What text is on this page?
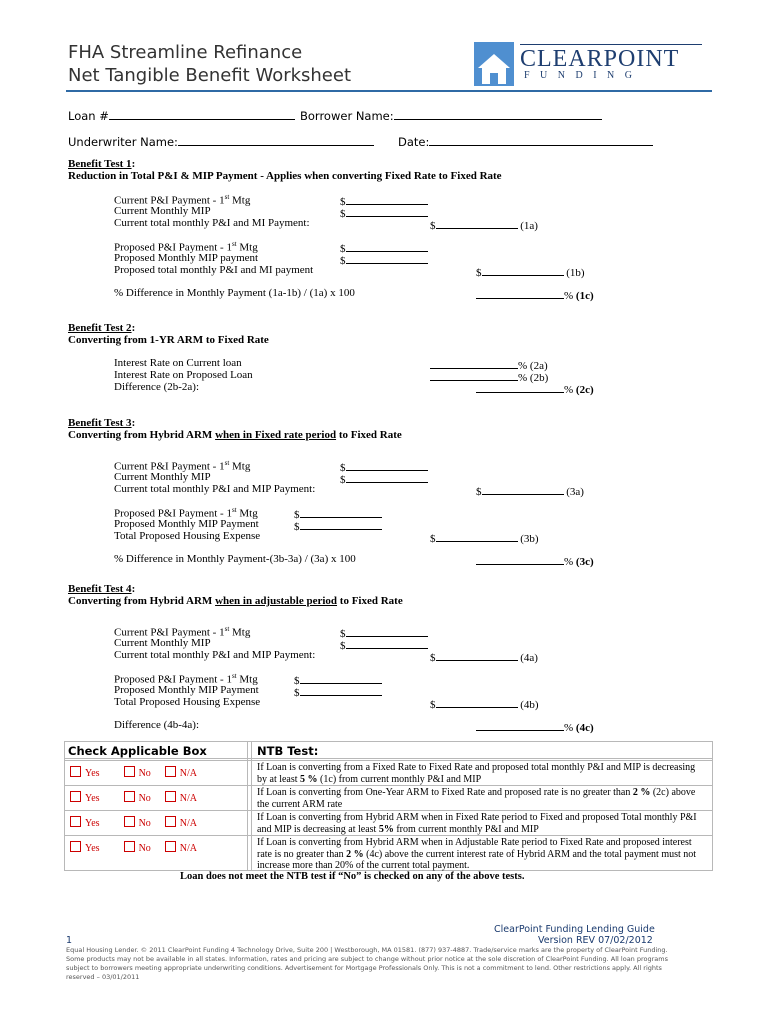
FHA Streamline Refinance
Net Tangible Benefit Worksheet
CLEARPOINT
F U N D I N G
Loan #	Borrower Name:
Underwriter Name:	Date:
Benefit Test 1:
Reduction in Total P&I & MIP Payment - Applies when converting Fixed Rate to Fixed Rate
Current P&I Payment - 1st Mtg	$
Current Monthly MIP	$
Current total monthly P&I and MI Payment:	$	(1a)
Proposed P&I Payment - 1st Mtg	$
Proposed Monthly MIP payment	$
Proposed total monthly P&I and MI payment	$	(1b)
% Difference in Monthly Payment (1a-1b) / (1a) x 100	% (1c)
Benefit Test 2:
Converting from 1-YR ARM to Fixed Rate
Interest Rate on Current loan	% (2a)
Interest Rate on Proposed Loan	% (2b)
Difference (2b-2a):	% (2c)
Benefit Test 3:
Converting from Hybrid ARM when in Fixed rate period to Fixed Rate
Current P&I Payment - 1st Mtg	$
Current Monthly MIP	$
Current total monthly P&I and MIP Payment:	$	(3a)
Proposed P&I Payment - 1st Mtg	$
Proposed Monthly MIP Payment	$
Total Proposed Housing Expense	$	(3b)
% Difference in Monthly Payment-(3b-3a) / (3a) x 100	% (3c)
Benefit Test 4:
Converting from Hybrid ARM when in adjustable period to Fixed Rate
Current P&I Payment - 1st Mtg	$
Current Monthly MIP	$
Current total monthly P&I and MIP Payment:	$	(4a)
Proposed P&I Payment - 1st Mtg	$
Proposed Monthly MIP Payment	$
Total Proposed Housing Expense	$	(4b)
Difference (4b-4a):	% (4c)
Check Applicable Box	NTB Test:
Yes	No	N/A
If Loan is converting from a Fixed Rate to Fixed Rate and proposed total monthly P&I and MIP is decreasing by at least 5 % (1c) from current monthly P&I and MIP
Yes	No	N/A
If Loan is converting from One-Year ARM to Fixed Rate and proposed rate is no greater than 2 % (2c) above the current ARM rate
Yes	No	N/A
If Loan is converting from Hybrid ARM when in Fixed Rate period to Fixed and proposed Total monthly P&I and MIP is decreasing at least 5% from current monthly P&I and MIP
Yes	No	N/A
If Loan is converting from Hybrid ARM when in Adjustable Rate period to Fixed Rate and proposed interest rate is no greater than 2 % (4c) above the current interest rate of Hybrid ARM and the total payment must not increase more than 20% of the current total payment.
Loan does not meet the NTB test if “No” is checked on any of the above tests.
ClearPoint Funding Lending Guide
1	Version REV 07/02/2012
Equal Housing Lender. © 2011 ClearPoint Funding 4 Technology Drive, Suite 200 | Westborough, MA 01581. (877) 937-4887. Trade/service marks are the property of ClearPoint Funding. Some products may not be available in all states. Information, rates and pricing are subject to change without prior notice at the sole discretion of ClearPoint Funding. All loan programs subject to borrowers meeting appropriate underwriting conditions. Advertisement for Mortgage Professionals Only. This is not a commitment to lend. Other restrictions apply. All rights reserved – 03/01/2011
